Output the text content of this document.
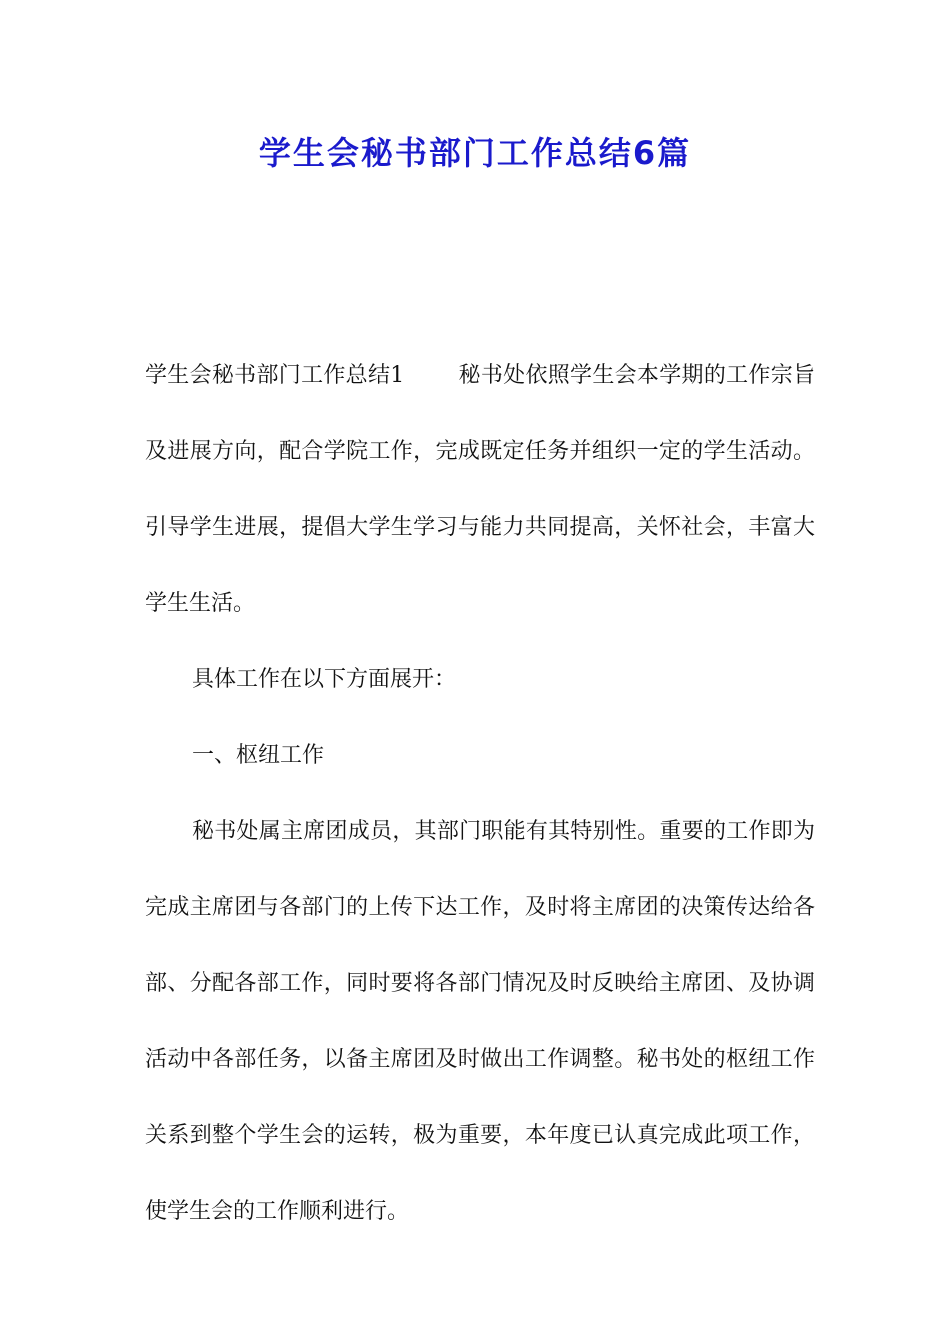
学生会秘书部门工作总结6篇

学生会秘书部门工作总结1 秘书处依照学生会本学期的工作宗旨及进展方向，配合学院工作，完成既定任务并组织一定的学生活动。引导学生进展，提倡大学生学习与能力共同提高，关怀社会，丰富大学生生活。

具体工作在以下方面展开：

一、枢纽工作

秘书处属主席团成员，其部门职能有其特别性。重要的工作即为完成主席团与各部门的上传下达工作，及时将主席团的决策传达给各部、分配各部工作，同时要将各部门情况及时反映给主席团、及协调活动中各部任务，以备主席团及时做出工作调整。秘书处的枢纽工作关系到整个学生会的运转，极为重要，本年度已认真完成此项工作，使学生会的工作顺利进行。
